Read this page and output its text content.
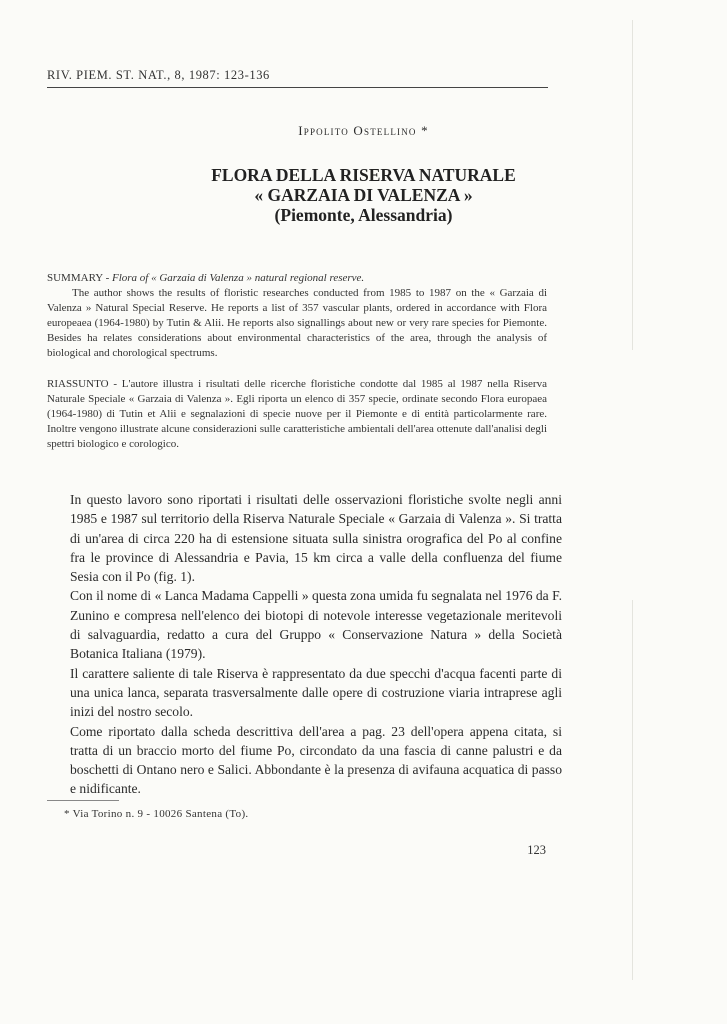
RIV. PIEM. ST. NAT., 8, 1987: 123-136
Ippolito Ostellino *
FLORA DELLA RISERVA NATURALE
« GARZAIA DI VALENZA »
(Piemonte, Alessandria)

SUMMARY - Flora of « Garzaia di Valenza » natural regional reserve.

The author shows the results of floristic researches conducted from 1985 to 1987 on the « Garzaia di Valenza » Natural Special Reserve. He reports a list of 357 vascular plants, ordered in accordance with Flora europeaea (1964-1980) by Tutin & Alii. He reports also signallings about new or very rare species for Piemonte. Besides ha relates considerations about environmental characteristics of the area, through the analysis of biological and chorological spectrums.

RIASSUNTO - L'autore illustra i risultati delle ricerche floristiche condotte dal 1985 al 1987 nella Riserva Naturale Speciale « Garzaia di Valenza ». Egli riporta un elenco di 357 specie, ordinate secondo Flora europaea (1964-1980) di Tutin et Alii e segnalazioni di specie nuove per il Piemonte e di entità particolarmente rare. Inoltre vengono illustrate alcune considerazioni sulle caratteristiche ambientali dell'area ottenute dall'analisi degli spettri biologico e corologico.

In questo lavoro sono riportati i risultati delle osservazioni floristiche svolte negli anni 1985 e 1987 sul territorio della Riserva Naturale Speciale « Garzaia di Valenza ». Si tratta di un'area di circa 220 ha di estensione situata sulla sinistra orografica del Po al confine fra le province di Alessandria e Pavia, 15 km circa a valle della confluenza del fiume Sesia con il Po (fig. 1).

Con il nome di « Lanca Madama Cappelli » questa zona umida fu segnalata nel 1976 da F. Zunino e compresa nell'elenco dei biotopi di notevole interesse vegetazionale meritevoli di salvaguardia, redatto a cura del Gruppo « Conservazione Natura » della Società Botanica Italiana (1979).

Il carattere saliente di tale Riserva è rappresentato da due specchi d'acqua facenti parte di una unica lanca, separata trasversalmente dalle opere di costruzione viaria intraprese agli inizi del nostro secolo.

Come riportato dalla scheda descrittiva dell'area a pag. 23 dell'opera appena citata, si tratta di un braccio morto del fiume Po, circondato da una fascia di canne palustri e da boschetti di Ontano nero e Salici. Abbondante è la presenza di avifauna acquatica di passo e nidificante.

* Via Torino n. 9 - 10026 Santena (To).
123
